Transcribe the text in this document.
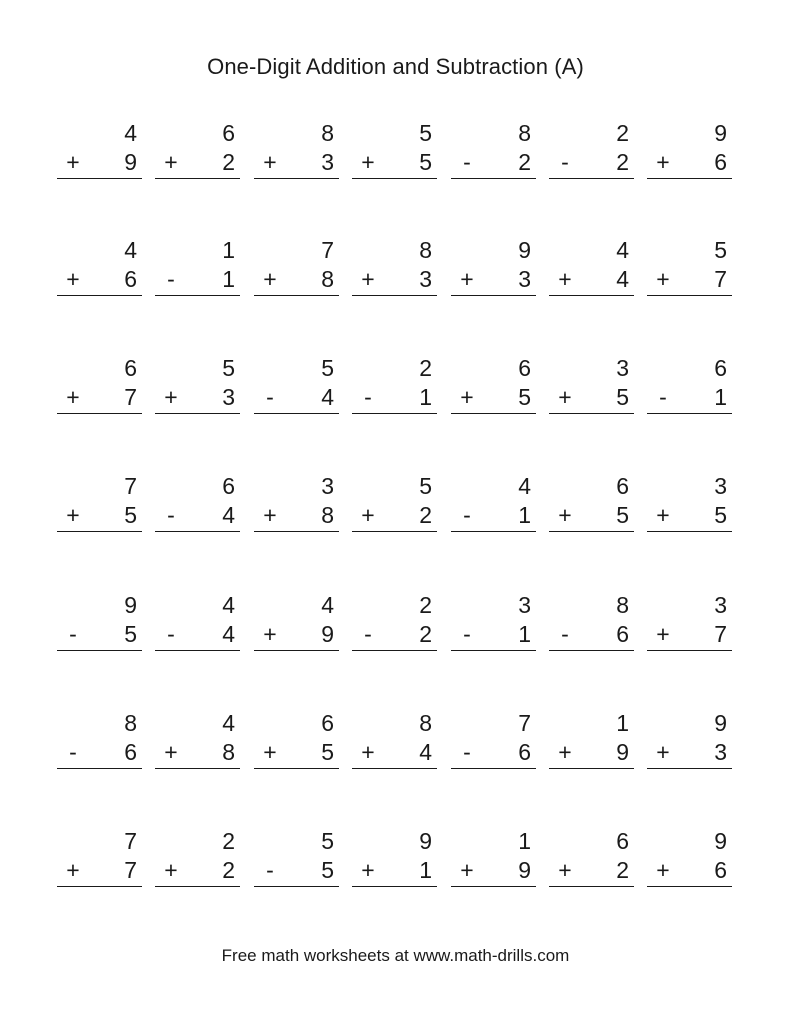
One-Digit Addition and Subtraction (A)
4
+ 9
6
+ 2
8
+ 3
5
+ 5
8
-	2
2
-	2
9
+ 6
4
+ 6
1
-	1
7
+ 8
8
+ 3
9
+ 3
4
+ 4
5
+ 7
6
+ 7
5
+ 3
5
-	4
2
-	1
6
+ 5
3
+ 5
6
-	1
7
+ 5
6
-	4
3
+ 8
5
+ 2
4
-	1
6
+ 5
3
+ 5
9
-	5
4
-	4
4
+ 9
2
-	2
3
-	1
8
-	6
3
+ 7
8
-	6
4
+ 8
6
+ 5
8
+ 4
7
-	6
1
+ 9
9
+ 3
7
+ 7
2
+ 2
5
-	5
9
+ 1
1
+ 9
6
+ 2
9
+ 6
Free math worksheets at www.math-drills.com
